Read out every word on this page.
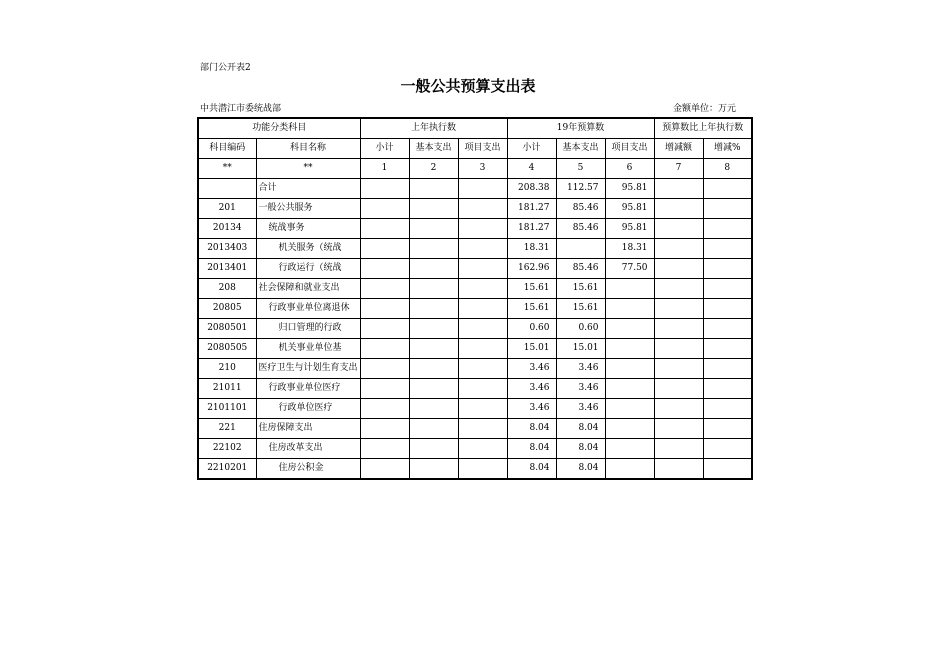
部门公开表2
一般公共预算支出表
中共潜江市委统战部	金额单位：万元
功能分类科目		上年执行数			19年预算数			预算数比上年执行数	
科目编码	科目名称	小计	基本支出	项目支出	小计	基本支出	项目支出	增减额	增减%
**	**	1	2	3	4	5	6	7	8
	合计				208.38	112.57	95.81		
201	一般公共服务				181.27	85.46	95.81		
20134	统战事务				181.27	85.46	95.81		
2013403	机关服务（统战				18.31		18.31		
2013401	行政运行（统战				162.96	85.46	77.50		
208	社会保障和就业支出				15.61	15.61			
20805	行政事业单位离退休				15.61	15.61			
2080501	归口管理的行政				0.60	0.60			
2080505	机关事业单位基				15.01	15.01			
210	医疗卫生与计划生育支出				3.46	3.46			
21011	行政事业单位医疗				3.46	3.46			
2101101	行政单位医疗				3.46	3.46			
221	住房保障支出				8.04	8.04			
22102	住房改革支出				8.04	8.04			
2210201	住房公积金				8.04	8.04			
